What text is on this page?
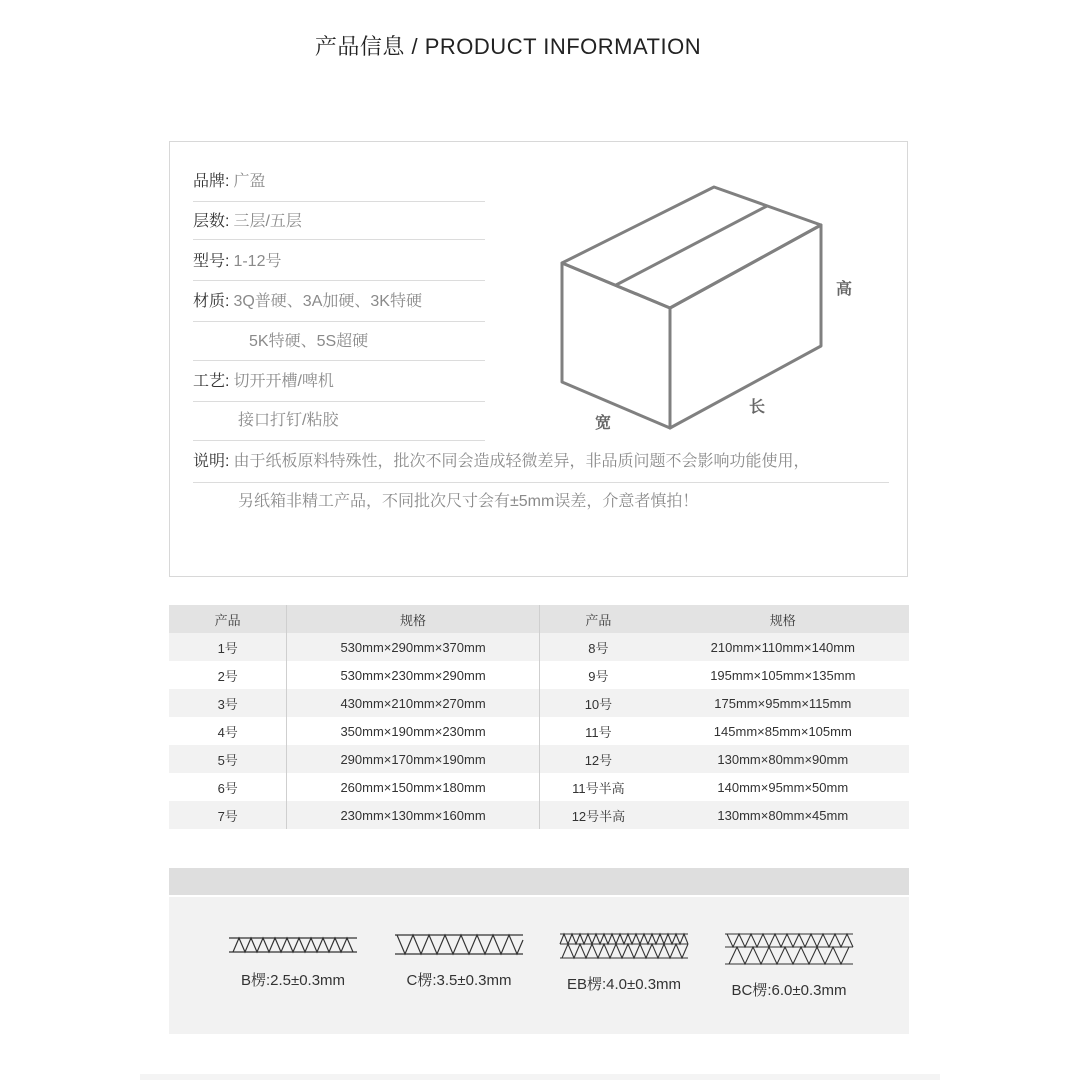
产品信息 / PRODUCT INFORMATION
品牌: 广盈
层数: 三层/五层
型号: 1-12号
材质: 3Q普硬、3A加硬、3K特硬
5K特硬、5S超硬
工艺: 切开开槽/啤机
接口打钉/粘胶
说明: 由于纸板原料特殊性，批次不同会造成轻微差异，非品质问题不会影响功能使用，
另纸箱非精工产品，不同批次尺寸会有±5mm误差，介意者慎拍！
高
长
宽
产品	规格	产品	规格
1号	530mm×290mm×370mm	8号	210mm×110mm×140mm
2号	530mm×230mm×290mm	9号	195mm×105mm×135mm
3号	430mm×210mm×270mm	10号	175mm×95mm×115mm
4号	350mm×190mm×230mm	11号	145mm×85mm×105mm
5号	290mm×170mm×190mm	12号	130mm×80mm×90mm
6号	260mm×150mm×180mm	11号半高	140mm×95mm×50mm
7号	230mm×130mm×160mm	12号半高	130mm×80mm×45mm
B楞:2.5±0.3mm	C楞:3.5±0.3mm	EB楞:4.0±0.3mm	BC楞:6.0±0.3mm
